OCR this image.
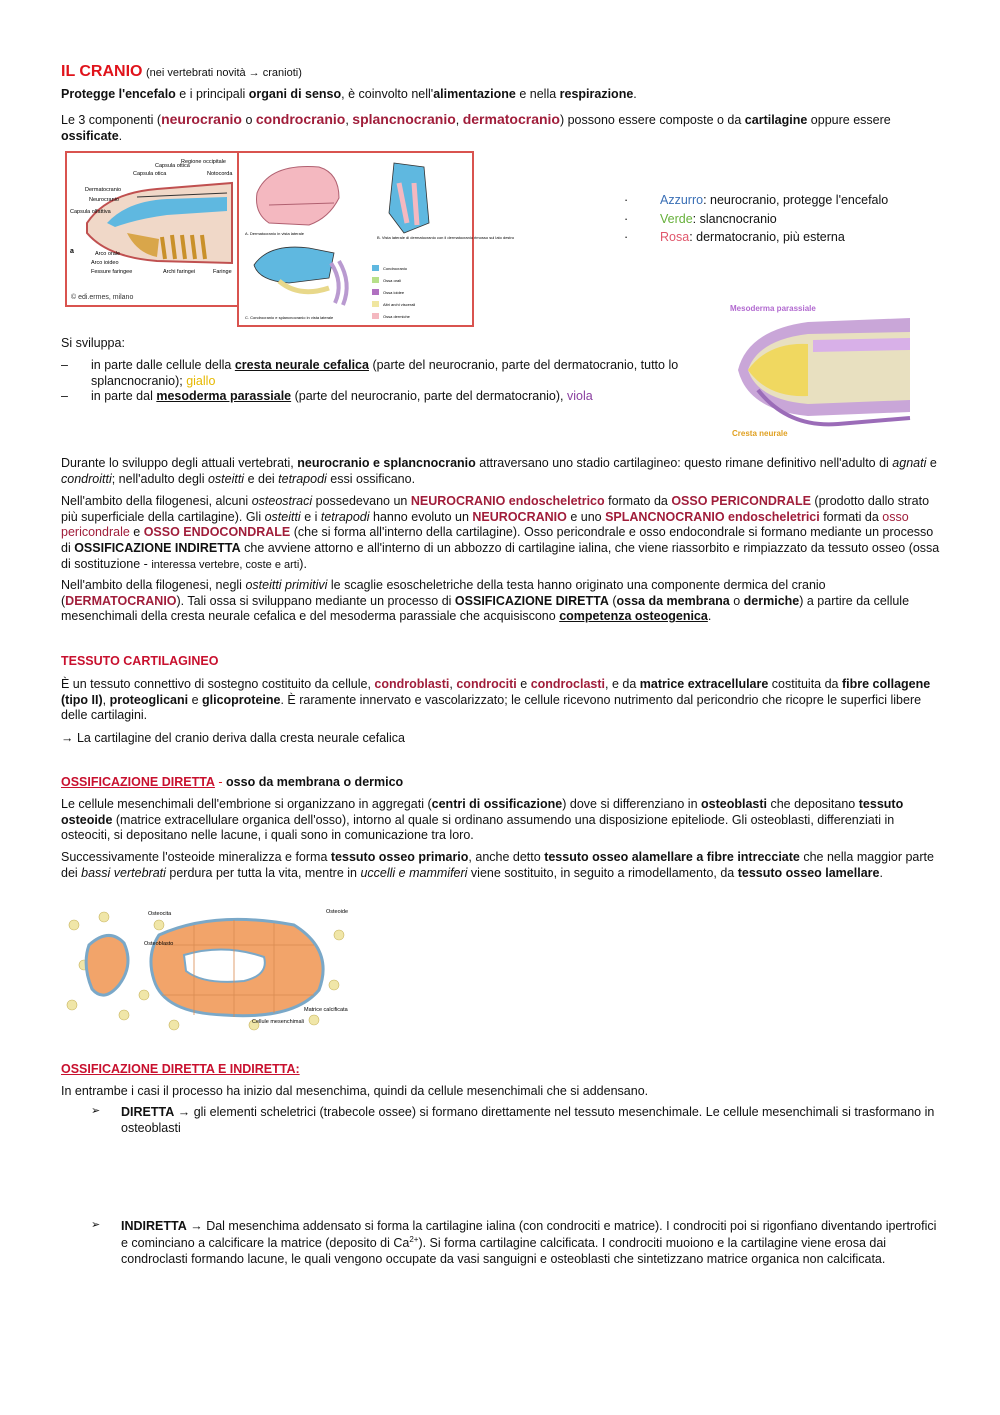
IL CRANIO (nei vertebrati novità → cranioti)

Protegge l'encefalo e i principali organi di senso, è coinvolto nell'alimentazione e nella respirazione.

Le 3 componenti (neurocranio o condrocranio, splancnocranio, dermatocranio) possono essere composte o da cartilagine oppure essere ossificate.

Regione occipitale
Capsula ottica
Capsula otica	Notocorda
Dermatocranio
Neurocranio
Capsula olfattiva
Arco orale
Arco ioideo
Fessure faringee	Archi faringei	Faringe
a
© edi.ermes, milano
A. Dermatocranio in vista laterale
B. Vista laterale di dermatocranio con il dermatocranio rimosso sul lato destro
C. Condrocranio e splancnocranio in vista laterale
Condrocranio
Ossa orali
Ossa ioidee
Altri archi viscerali
Ossa dermiche
· Azzurro: neurocranio, protegge l'encefalo
· Verde: slancnocranio
· Rosa: dermatocranio, più esterna
Mesoderma parassiale
Cresta neurale

Si sviluppa:

– in parte dalle cellule della cresta neurale cefalica (parte del neurocranio, parte del dermatocranio, tutto lo splancnocranio); giallo
– in parte dal mesoderma parassiale (parte del neurocranio, parte del dermatocranio), viola

Durante lo sviluppo degli attuali vertebrati, neurocranio e splancnocranio attraversano uno stadio cartilagineo: questo rimane definitivo nell'adulto di agnati e condroitti; nell'adulto degli osteitti e dei tetrapodi essi ossificano.

Nell'ambito della filogenesi, alcuni osteostraci possedevano un NEUROCRANIO endoscheletrico formato da OSSO PERICONDRALE (prodotto dallo strato più superficiale della cartilagine). Gli osteitti e i tetrapodi hanno evoluto un NEUROCRANIO e uno SPLANCNOCRANIO endoscheletrici formati da osso pericondrale e OSSO ENDOCONDRALE (che si forma all'interno della cartilagine). Osso pericondrale e osso endocondrale si formano mediante un processo di OSSIFICAZIONE INDIRETTA che avviene attorno e all'interno di un abbozzo di cartilagine ialina, che viene riassorbito e rimpiazzato da tessuto osseo (ossa di sostituzione - interessa vertebre, coste e arti).

Nell'ambito della filogenesi, negli osteitti primitivi le scaglie esoscheletriche della testa hanno originato una componente dermica del cranio (DERMATOCRANIO). Tali ossa si sviluppano mediante un processo di OSSIFICAZIONE DIRETTA (ossa da membrana o dermiche) a partire da cellule mesenchimali della cresta neurale cefalica e del mesoderma parassiale che acquisiscono competenza osteogenica.

TESSUTO CARTILAGINEO

È un tessuto connettivo di sostegno costituito da cellule, condroblasti, condrociti e condroclasti, e da matrice extracellulare costituita da fibre collagene (tipo II), proteoglicani e glicoproteine. È raramente innervato e vascolarizzato; le cellule ricevono nutrimento dal pericondrio che ricopre le superfici libere delle cartilagini.

→ La cartilagine del cranio deriva dalla cresta neurale cefalica

OSSIFICAZIONE DIRETTA - osso da membrana o dermico

Le cellule mesenchimali dell'embrione si organizzano in aggregati (centri di ossificazione) dove si differenziano in osteoblasti che depositano tessuto osteoide (matrice extracellulare organica dell'osso), intorno al quale si ordinano assumendo una disposizione epiteliode. Gli osteoblasti, differenziati in osteociti, si depositano nelle lacune, i quali sono in comunicazione tra loro.

Successivamente l'osteoide mineralizza e forma tessuto osseo primario, anche detto tessuto osseo alamellare a fibre intrecciate che nella maggior parte dei bassi vertebrati perdura per tutta la vita, mentre in uccelli e mammiferi viene sostituito, in seguito a rimodellamento, da tessuto osseo lamellare.

Osteocita	Osteoide
Osteoblasto
Cellule mesenchimali
Matrice calcificata

OSSIFICAZIONE DIRETTA E INDIRETTA:

In entrambe i casi il processo ha inizio dal mesenchima, quindi da cellule mesenchimali che si addensano.

➢ DIRETTA → gli elementi scheletrici (trabecole ossee) si formano direttamente nel tessuto mesenchimale. Le cellule mesenchimali si trasformano in osteoblasti
➢ INDIRETTA → Dal mesenchima addensato si forma la cartilagine ialina (con condrociti e matrice). I condrociti poi si rigonfiano diventando ipertrofici e cominciano a calcificare la matrice (deposito di $Ca^{2+}$). Si forma cartilagine calcificata. I condrociti muoiono e la cartilagine viene erosa dai condroclasti formando lacune, le quali vengono occupate da vasi sanguigni e osteoblasti che sintetizzano matrice organica non calcificata.
